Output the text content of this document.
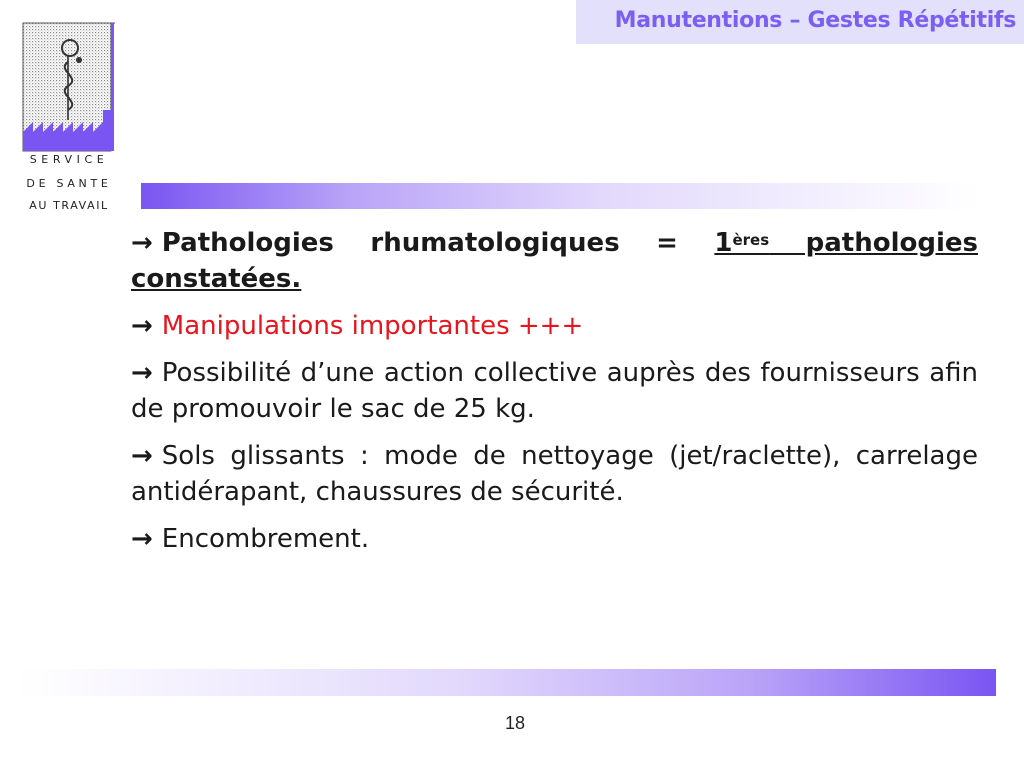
Manutentions – Gestes Répétitifs
SERVICE
DE SANTE
AU TRAVAIL

→ Pathologies rhumatologiques = 1ères pathologies constatées.

→ Manipulations importantes +++

→ Possibilité d’une action collective auprès des fournisseurs afin de promouvoir le sac de 25 kg.

→ Sols glissants : mode de nettoyage (jet/raclette), carrelage antidérapant, chaussures de sécurité.

→ Encombrement.

18
